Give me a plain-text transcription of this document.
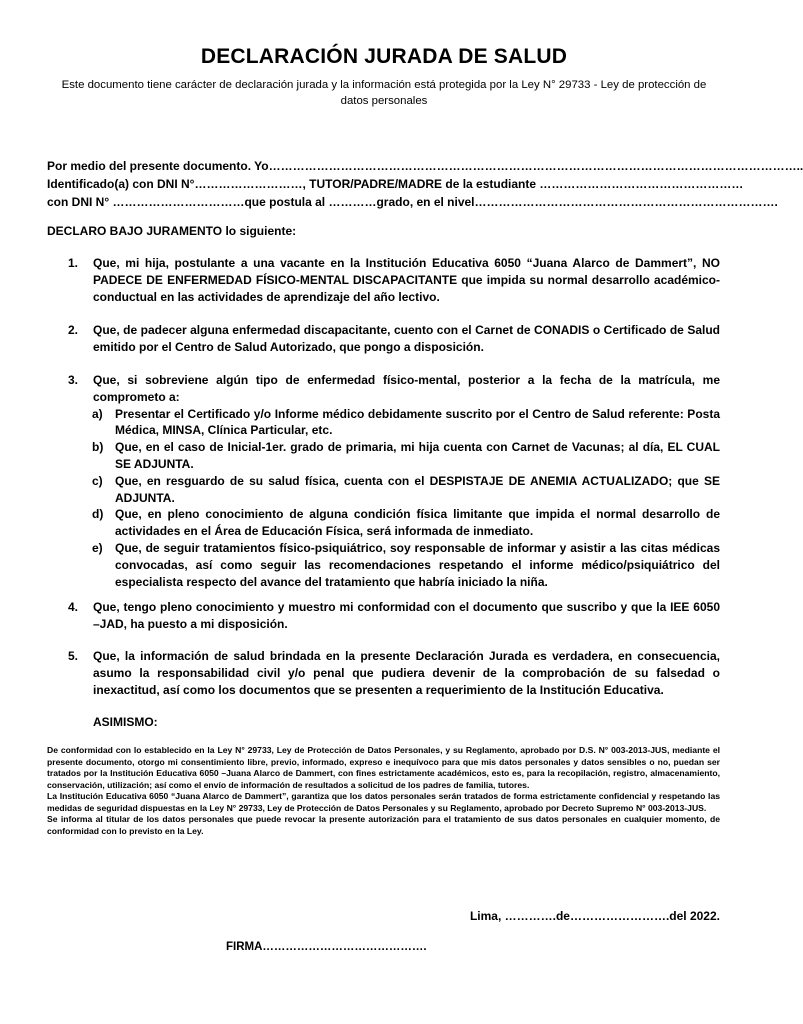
DECLARACIÓN JURADA DE SALUD
Este documento tiene carácter de declaración jurada y la información está protegida por la Ley N° 29733 - Ley de protección de datos personales
Por medio del presente documento. Yo……………………………………………………………………………………………………………………..
Identificado(a) con DNI N°………………………, TUTOR/PADRE/MADRE de la estudiante ……………………………………………
con DNI N° ……………………………que postula al …………grado, en el nivel………………………………………………………………….
DECLARO BAJO JURAMENTO lo siguiente:
1. Que, mi hija, postulante a una vacante en la Institución Educativa 6050 “Juana Alarco de Dammert”, NO PADECE DE ENFERMEDAD FÍSICO-MENTAL DISCAPACITANTE que impida su normal desarrollo académico-conductual en las actividades de aprendizaje del año lectivo.
2. Que, de padecer alguna enfermedad discapacitante, cuento con el Carnet de CONADIS o Certificado de Salud emitido por el Centro de Salud Autorizado, que pongo a disposición.
3. Que, si sobreviene algún tipo de enfermedad físico-mental, posterior a la fecha de la matrícula, me comprometo a:
a) Presentar el Certificado y/o Informe médico debidamente suscrito por el Centro de Salud referente: Posta Médica, MINSA, Clínica Particular, etc.
b) Que, en el caso de Inicial-1er. grado de primaria, mi hija cuenta con Carnet de Vacunas; al día, EL CUAL SE ADJUNTA.
c) Que, en resguardo de su salud física, cuenta con el DESPISTAJE DE ANEMIA ACTUALIZADO; que SE ADJUNTA.
d) Que, en pleno conocimiento de alguna condición física limitante que impida el normal desarrollo de actividades en el Área de Educación Física, será informada de inmediato.
e) Que, de seguir tratamientos físico-psiquiátrico, soy responsable de informar y asistir a las citas médicas convocadas, así como seguir las recomendaciones respetando el informe médico/psiquiátrico del especialista respecto del avance del tratamiento que habría iniciado la niña.
4. Que, tengo pleno conocimiento y muestro mi conformidad con el documento que suscribo y que la IEE 6050 –JAD, ha puesto a mi disposición.
5. Que, la información de salud brindada en la presente Declaración Jurada es verdadera, en consecuencia, asumo la responsabilidad civil y/o penal que pudiera devenir de la comprobación de su falsedad o inexactitud, así como los documentos que se presenten a requerimiento de la Institución Educativa.
ASIMISMO:

De conformidad con lo establecido en la Ley N° 29733, Ley de Protección de Datos Personales, y su Reglamento, aprobado por D.S. N° 003-2013-JUS, mediante el presente documento, otorgo mi consentimiento libre, previo, informado, expreso e inequívoco para que mis datos personales y datos sensibles o no, puedan ser tratados por la Institución Educativa 6050 –Juana Alarco de Dammert, con fines estrictamente académicos, esto es, para la recopilación, registro, almacenamiento, conservación, utilización; así como el envío de información de resultados a solicitud de los padres de familia, tutores.

La Institución Educativa 6050 “Juana Alarco de Dammert”, garantiza que los datos personales serán tratados de forma estrictamente confidencial y respetando las medidas de seguridad dispuestas en la Ley N° 29733, Ley de Protección de Datos Personales y su Reglamento, aprobado por Decreto Supremo N° 003-2013-JUS.

Se informa al titular de los datos personales que puede revocar la presente autorización para el tratamiento de sus datos personales en cualquier momento, de conformidad con lo previsto en la Ley.

Lima, ………….de…………………….del 2022.
FIRMA…………………………………….
